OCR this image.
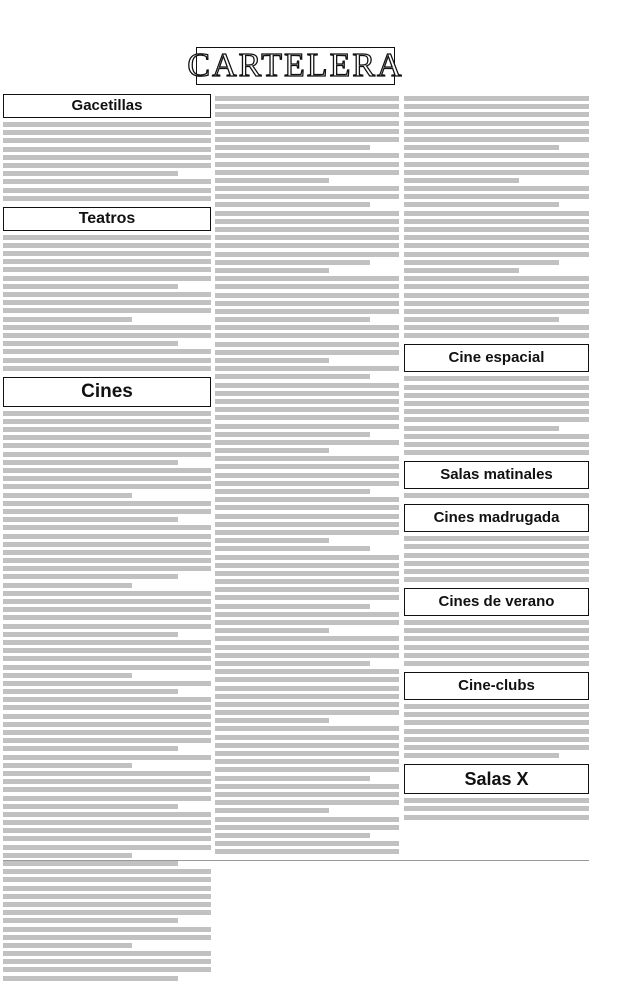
CARTELERA
Gacetillas
Teatros
Cines
Cine espacial
Salas matinales
Cines madrugada
Cines de verano
Cine-clubs
Salas X
